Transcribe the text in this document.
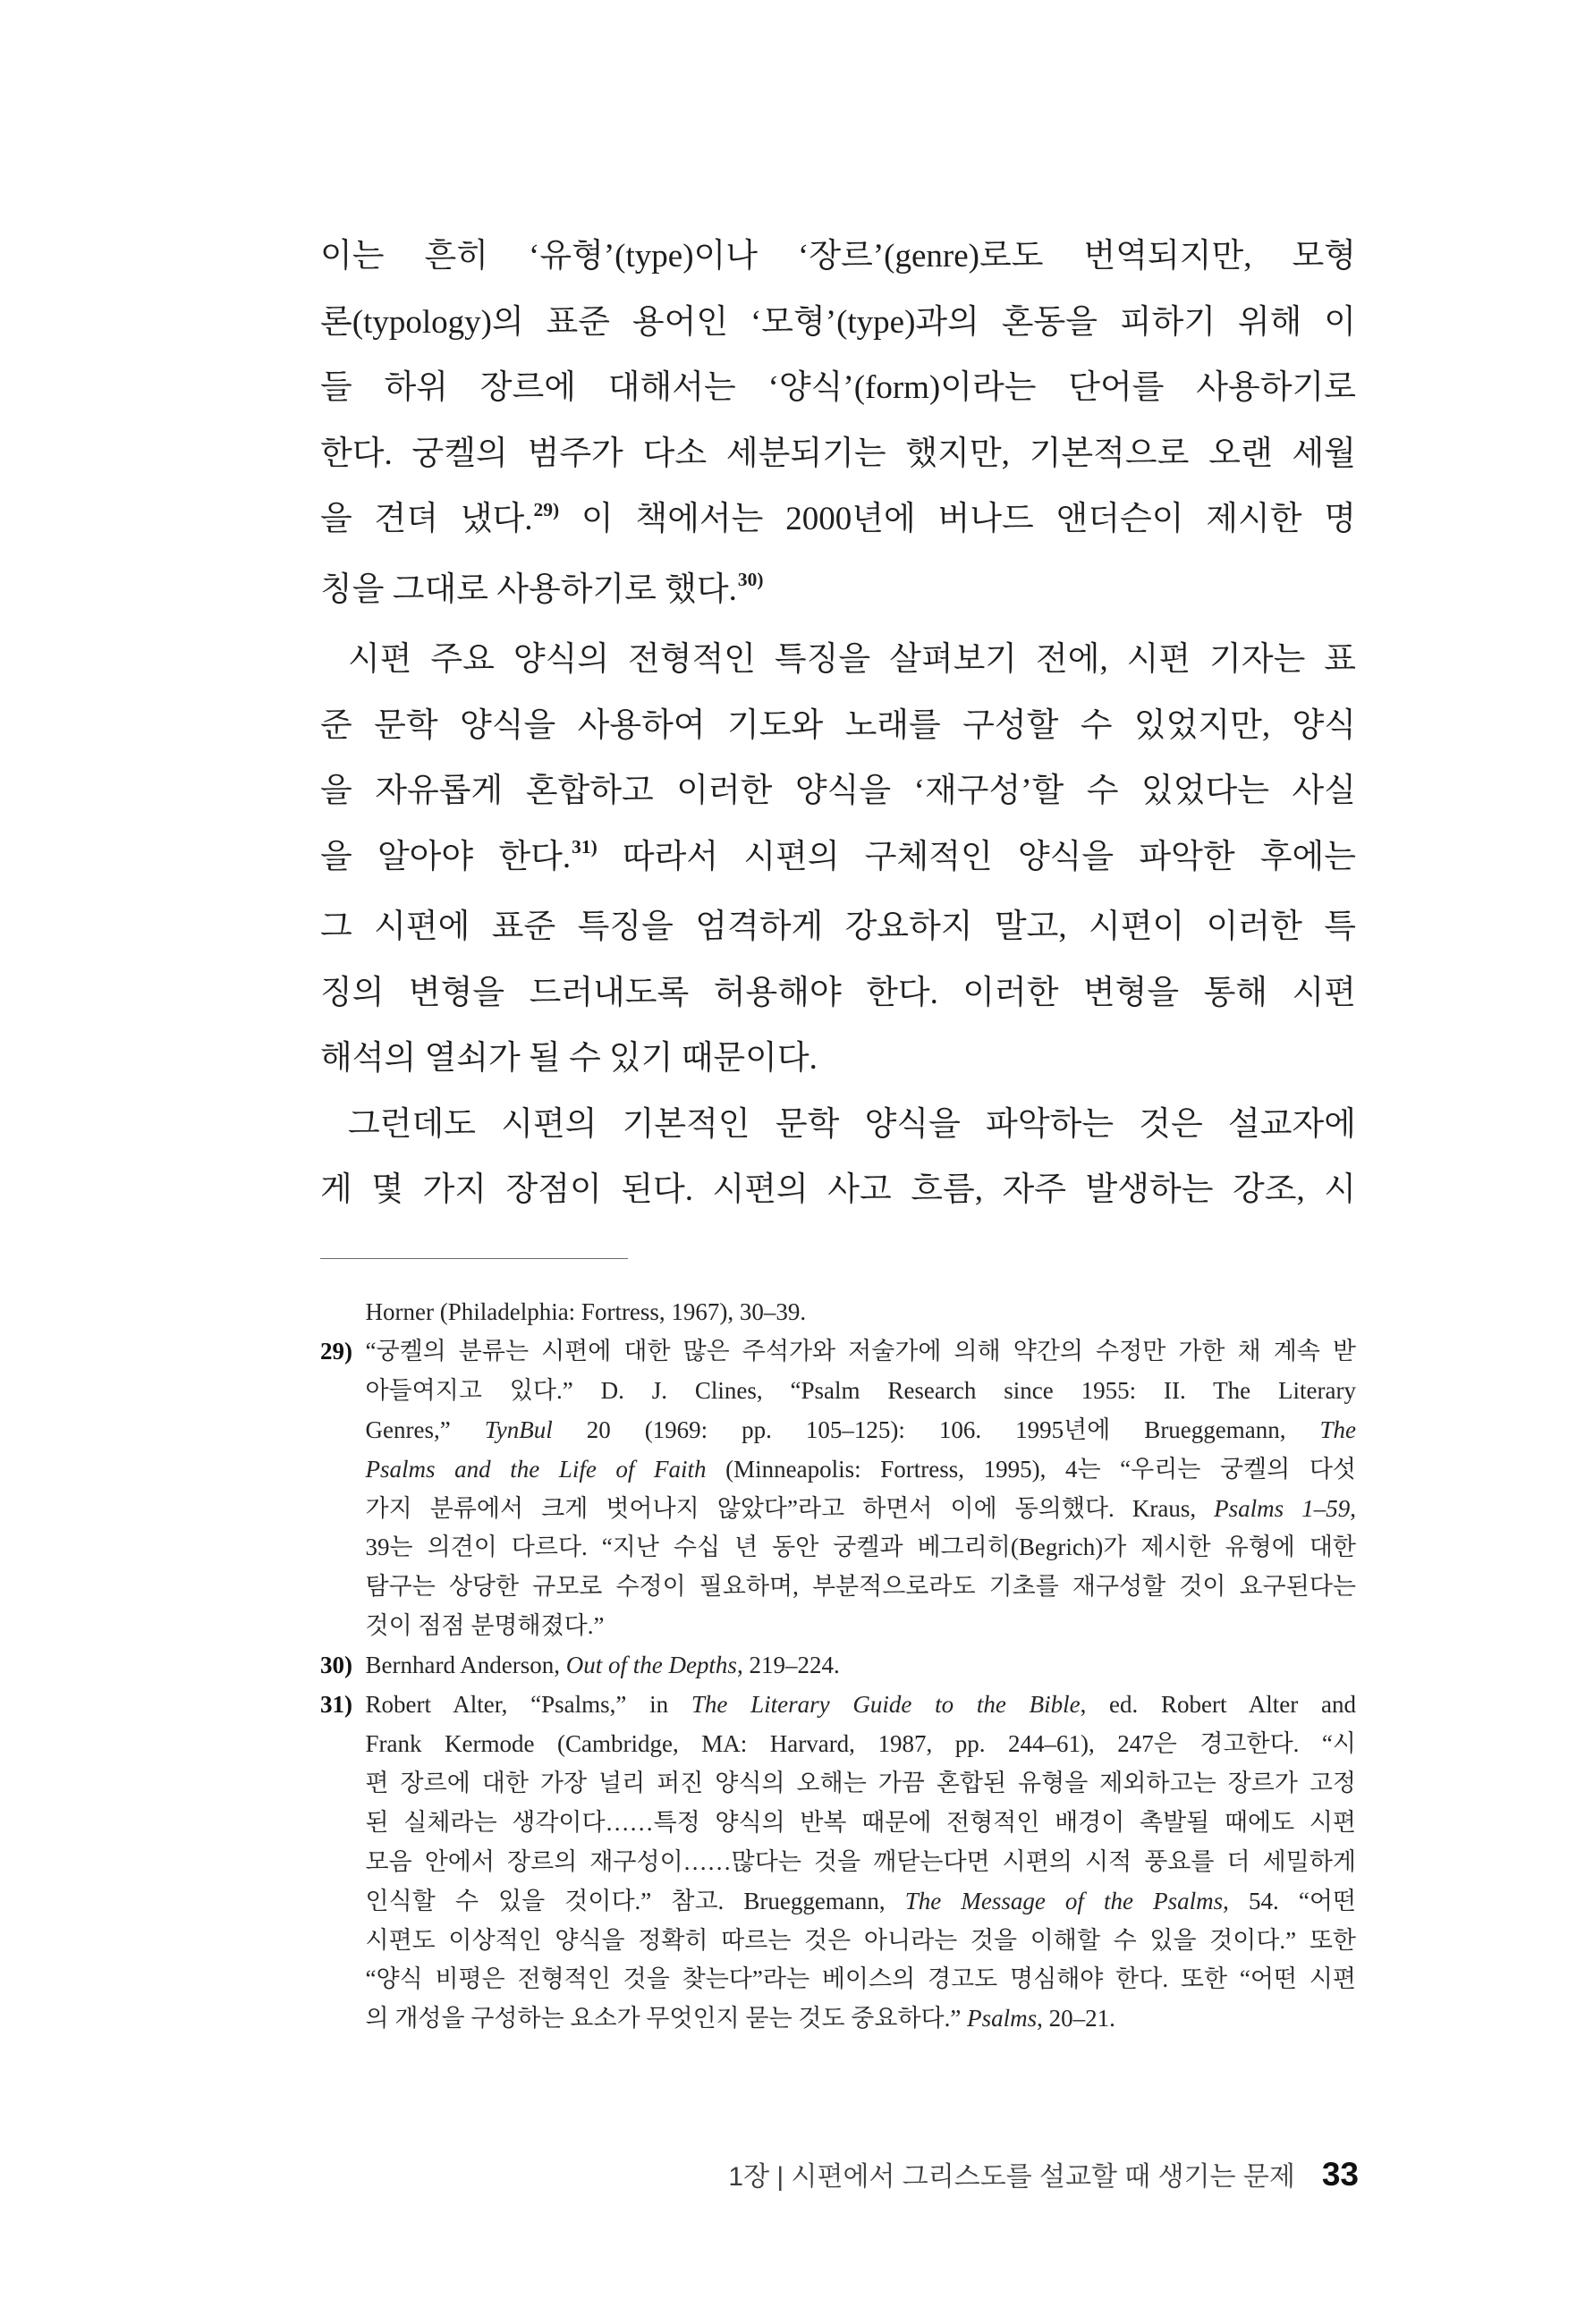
이는 흔히 ‘유형’(type)이나 ‘장르’(genre)로도 번역되지만, 모형
론(typology)의 표준 용어인 ‘모형’(type)과의 혼동을 피하기 위해 이
들 하위 장르에 대해서는 ‘양식’(form)이라는 단어를 사용하기로
한다. 궁켈의 범주가 다소 세분되기는 했지만, 기본적으로 오랜 세월
을 견뎌 냈다.$^{29)}$ 이 책에서는 2000년에 버나드 앤더슨이 제시한 명
칭을 그대로 사용하기로 했다.$^{30)}$
시편 주요 양식의 전형적인 특징을 살펴보기 전에, 시편 기자는 표
준 문학 양식을 사용하여 기도와 노래를 구성할 수 있었지만, 양식
을 자유롭게 혼합하고 이러한 양식을 ‘재구성’할 수 있었다는 사실
을 알아야 한다.$^{31)}$ 따라서 시편의 구체적인 양식을 파악한 후에는
그 시편에 표준 특징을 엄격하게 강요하지 말고, 시편이 이러한 특
징의 변형을 드러내도록 허용해야 한다. 이러한 변형을 통해 시편
해석의 열쇠가 될 수 있기 때문이다.
그런데도 시편의 기본적인 문학 양식을 파악하는 것은 설교자에
게 몇 가지 장점이 된다. 시편의 사고 흐름, 자주 발생하는 강조, 시
Horner (Philadelphia: Fortress, 1967), 30–39.
29) “궁켈의 분류는 시편에 대한 많은 주석가와 저술가에 의해 약간의 수정만 가한 채 계속 받
아들여지고 있다.” D. J. Clines, “Psalm Research since 1955: II. The Literary
Genres,” TynBul 20 (1969: pp. 105–125): 106. 1995년에 Brueggemann, The
Psalms and the Life of Faith (Minneapolis: Fortress, 1995), 4는 “우리는 궁켈의 다섯
가지 분류에서 크게 벗어나지 않았다”라고 하면서 이에 동의했다. Kraus, Psalms 1–59,
39는 의견이 다르다. “지난 수십 년 동안 궁켈과 베그리히(Begrich)가 제시한 유형에 대한
탐구는 상당한 규모로 수정이 필요하며, 부분적으로라도 기초를 재구성할 것이 요구된다는
것이 점점 분명해졌다.”
30) Bernhard Anderson, Out of the Depths, 219–224.
31) Robert Alter, “Psalms,” in The Literary Guide to the Bible, ed. Robert Alter and
Frank Kermode (Cambridge, MA: Harvard, 1987, pp. 244–61), 247은 경고한다. “시
편 장르에 대한 가장 널리 퍼진 양식의 오해는 가끔 혼합된 유형을 제외하고는 장르가 고정
된 실체라는 생각이다……특정 양식의 반복 때문에 전형적인 배경이 촉발될 때에도 시편
모음 안에서 장르의 재구성이……많다는 것을 깨닫는다면 시편의 시적 풍요를 더 세밀하게
인식할 수 있을 것이다.” 참고. Brueggemann, The Message of the Psalms, 54. “어떤
시편도 이상적인 양식을 정확히 따르는 것은 아니라는 것을 이해할 수 있을 것이다.” 또한
“양식 비평은 전형적인 것을 찾는다”라는 베이스의 경고도 명심해야 한다. 또한 “어떤 시편
의 개성을 구성하는 요소가 무엇인지 묻는 것도 중요하다.” Psalms, 20–21.
1장 | 시편에서 그리스도를 설교할 때 생기는 문제 33
